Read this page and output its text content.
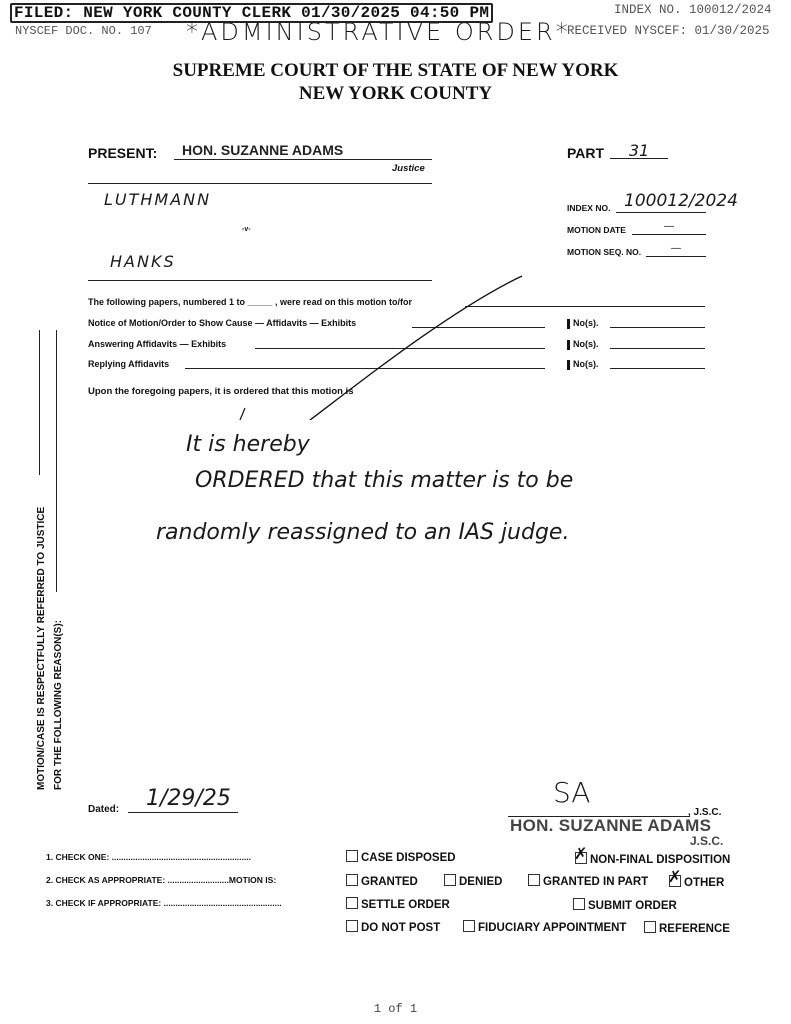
FILED: NEW YORK COUNTY CLERK 01/30/2025 04:50 PM	INDEX NO. 100012/2024
NYSCEF DOC. NO. 107 *ADMINISTRATIVE ORDER*
RECEIVED NYSCEF: 01/30/2025
SUPREME COURT OF THE STATE OF NEW YORK
NEW YORK COUNTY
PRESENT:	HON. SUZANNE ADAMS
Justice
LUTHMANN
-v-
HANKS
PART	31
INDEX NO. 100012/2024
MOTION DATE	—
MOTION SEQ. NO.	—
The following papers, numbered 1 to _____ , were read on this motion to/for
Notice of Motion/Order to Show Cause — Affidavits — Exhibits	No(s).
Answering Affidavits — Exhibits	No(s).
Replying Affidavits	No(s).
Upon the foregoing papers, it is ordered that this motion is
It is hereby
ORDERED that this matter is to be
randomly reassigned to an IAS judge.
MOTION/CASE IS RESPECTFULLY REFERRED TO JUSTICE FOR THE FOLLOWING REASON(S):
Dated:	1/29/25	SA
, J.S.C.
HON. SUZANNE ADAMS
J.S.C.
1. CHECK ONE: ...........................................................	CASE DISPOSED ✗	NON-FINAL DISPOSITION
2. CHECK AS APPROPRIATE: ..........................MOTION IS:	GRANTED	DENIED	GRANTED IN PART ✗	OTHER
3. CHECK IF APPROPRIATE: ..................................................	SETTLE ORDER	SUBMIT ORDER
DO NOT POST	FIDUCIARY APPOINTMENT	REFERENCE
1 of 1
